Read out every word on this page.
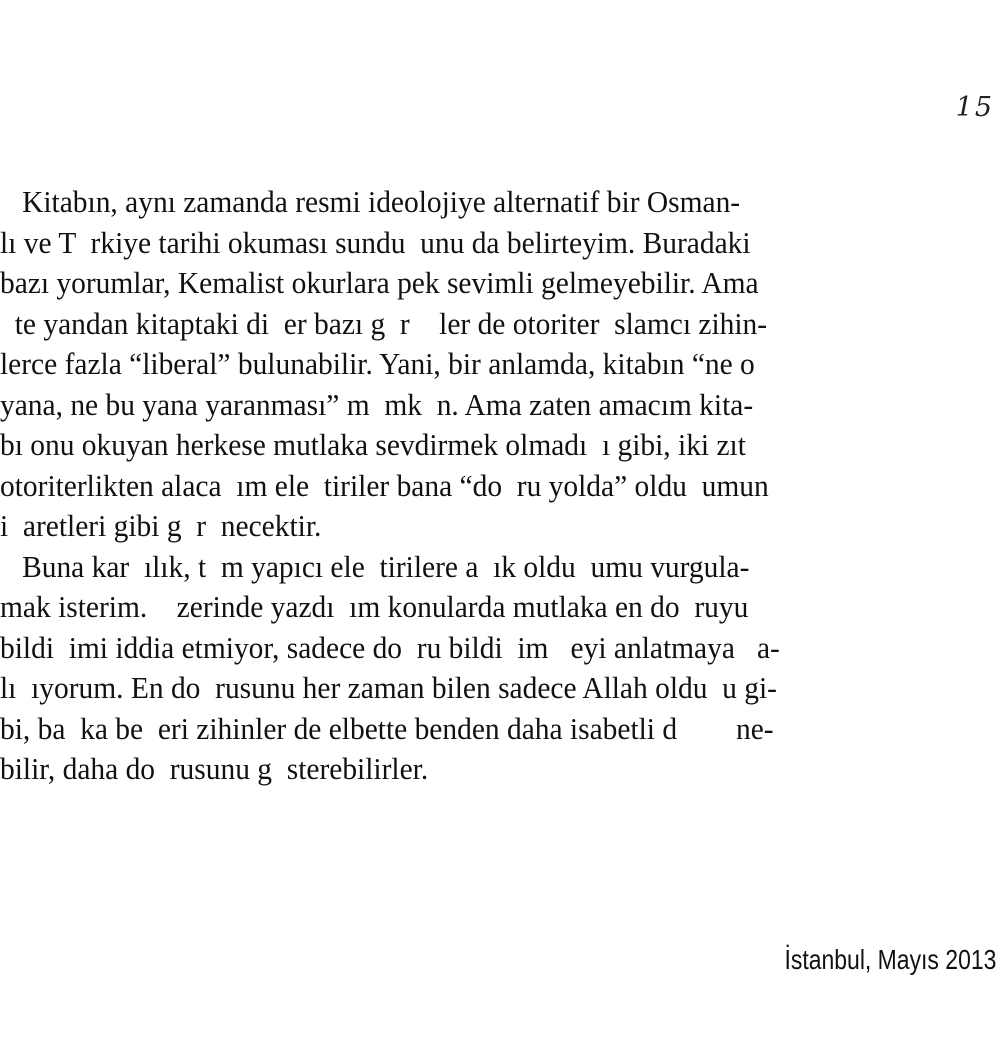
15
Kitabın, aynı zamanda resmi ideolojiye alternatif bir Osman-
lı ve T  rkiye tarihi okuması sundu  unu da belirteyim. Buradaki
bazı yorumlar, Kemalist okurlara pek sevimli gelmeyebilir. Ama
te yandan kitaptaki di  er bazı g  r    ler de otoriter  slamcı zihin-
lerce fazla “liberal” bulunabilir. Yani, bir anlamda, kitabın “ne o
yana, ne bu yana yaranması” m  mk  n. Ama zaten amacım kita-
bı onu okuyan herkese mutlaka sevdirmek olmadı  ı gibi, iki zıt
otoriterlikten alaca  ım ele  tiriler bana “do  ru yolda” oldu  umun
i  aretleri gibi g  r  necektir.
Buna kar  ılık, t  m yapıcı ele  tirilere a  ık oldu  umu vurgula-
mak isterim.    zerinde yazdı  ım konularda mutlaka en do  ruyu
bildi  imi iddia etmiyor, sadece do  ru bildi  im   eyi anlatmaya   a-
lı  ıyorum. En do  rusunu her zaman bilen sadece Allah oldu  u gi-
bi, ba  ka be  eri zihinler de elbette benden daha isabetli d        ne-
bilir, daha do  rusunu g  sterebilirler.
İstanbul, Mayıs 2013
